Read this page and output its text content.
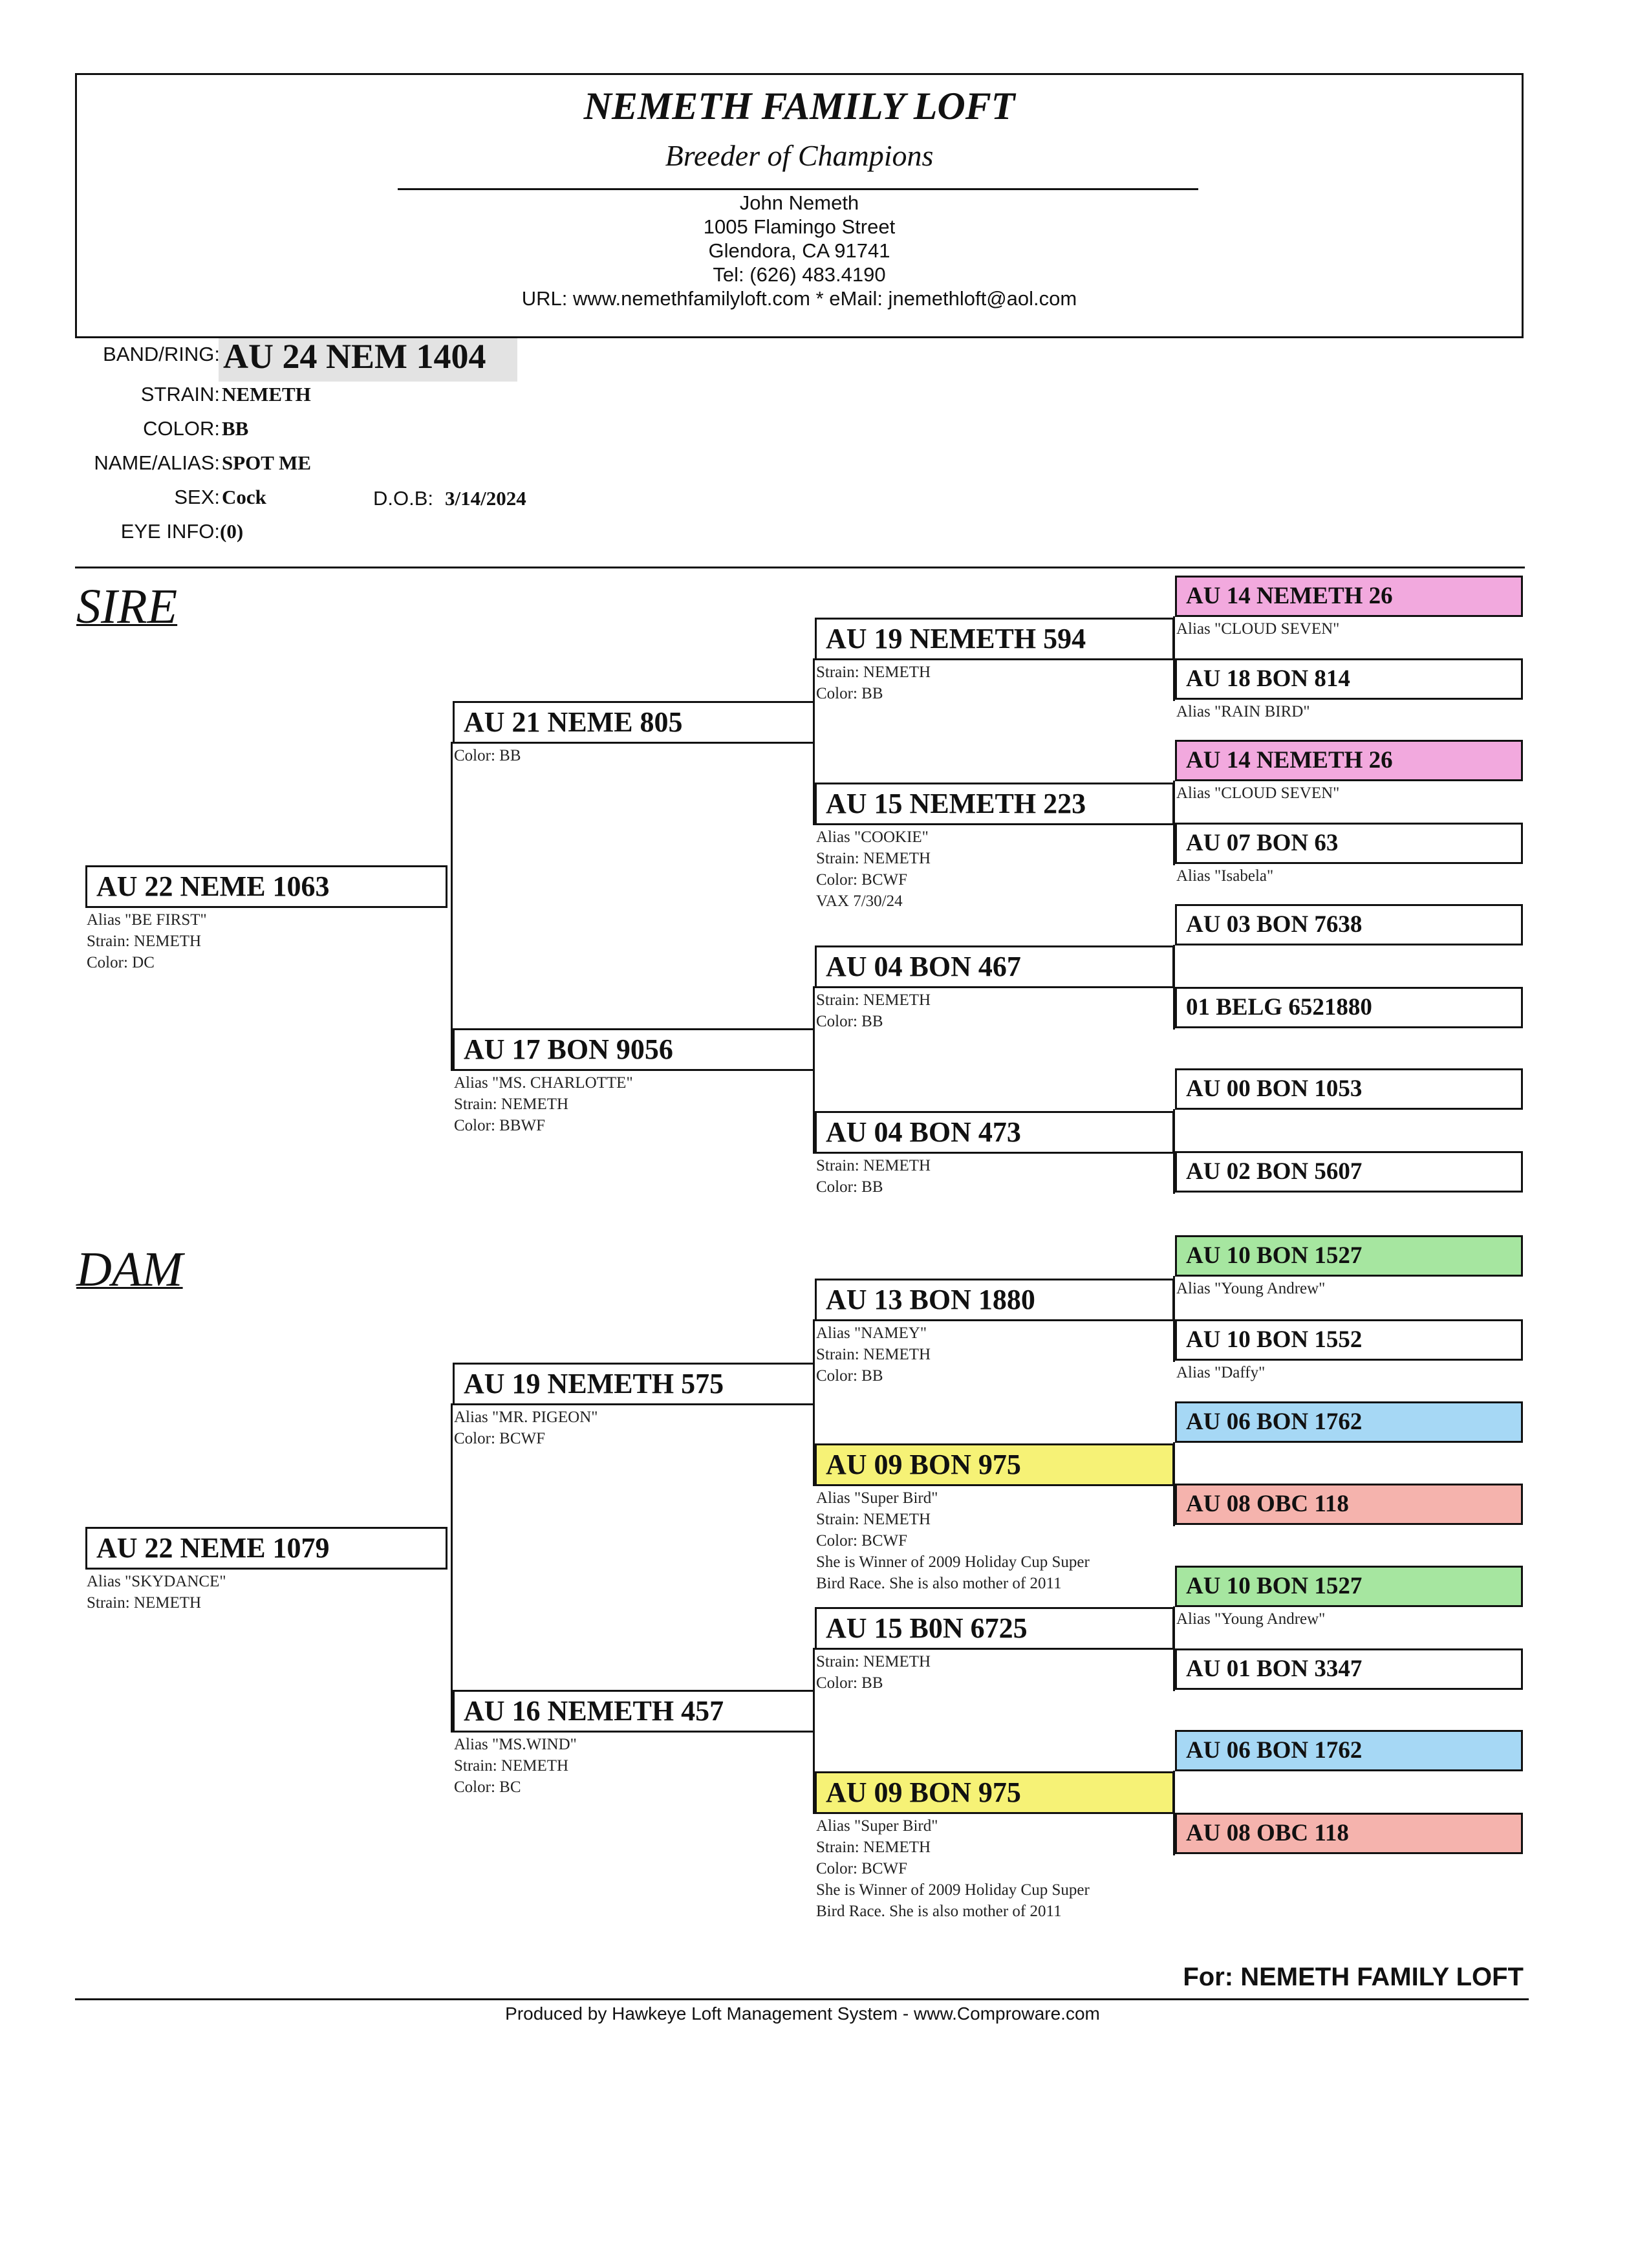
NEMETH FAMILY LOFT
Breeder of Champions
John Nemeth
1005 Flamingo Street
Glendora, CA 91741
Tel: (626) 483.4190
URL: www.nemethfamilyloft.com * eMail: jnemethloft@aol.com
BAND/RING: AU 24 NEM 1404
STRAIN: NEMETH
COLOR: BB
NAME/ALIAS: SPOT ME
SEX: Cock	D.O.B: 3/14/2024
EYE INFO: (0)
SIRE
DAM
AU 22 NEME 1063
Alias "BE FIRST"
Strain: NEMETH
Color: DC
AU 21 NEME 805
Color: BB
AU 17 BON 9056
Alias "MS. CHARLOTTE"
Strain: NEMETH
Color: BBWF
AU 19 NEMETH 594
Strain: NEMETH
Color: BB
AU 15 NEMETH 223
Alias "COOKIE"
Strain: NEMETH
Color: BCWF
VAX 7/30/24
AU 04 BON 467
Strain: NEMETH
Color: BB
AU 04 BON 473
Strain: NEMETH
Color: BB
AU 14 NEMETH 26
Alias "CLOUD SEVEN"
AU 18 BON 814
Alias "RAIN BIRD"
AU 14 NEMETH 26
Alias "CLOUD SEVEN"
AU 07 BON 63
Alias "Isabela"
AU 03 BON 7638
01 BELG 6521880
AU 00 BON 1053
AU 02 BON 5607
AU 22 NEME 1079
Alias "SKYDANCE"
Strain: NEMETH
AU 19 NEMETH 575
Alias "MR. PIGEON"
Color: BCWF
AU 16 NEMETH 457
Alias "MS.WIND"
Strain: NEMETH
Color: BC
AU 13 BON 1880
Alias "NAMEY"
Strain: NEMETH
Color: BB
AU 09 BON 975
Alias "Super Bird"
Strain: NEMETH
Color: BCWF
She is Winner of 2009 Holiday Cup Super
Bird Race. She is also mother of 2011
AU 15 B0N 6725
Strain: NEMETH
Color: BB
AU 09 BON 975
Alias "Super Bird"
Strain: NEMETH
Color: BCWF
She is Winner of 2009 Holiday Cup Super
Bird Race. She is also mother of 2011
AU 10 BON 1527
Alias "Young Andrew"
AU 10 BON 1552
Alias "Daffy"
AU 06 BON 1762
AU 08 OBC 118
AU 10 BON 1527
Alias "Young Andrew"
AU 01 BON 3347
AU 06 BON 1762
AU 08 OBC 118
For: NEMETH FAMILY LOFT
Produced by Hawkeye Loft Management System - www.Comproware.com
